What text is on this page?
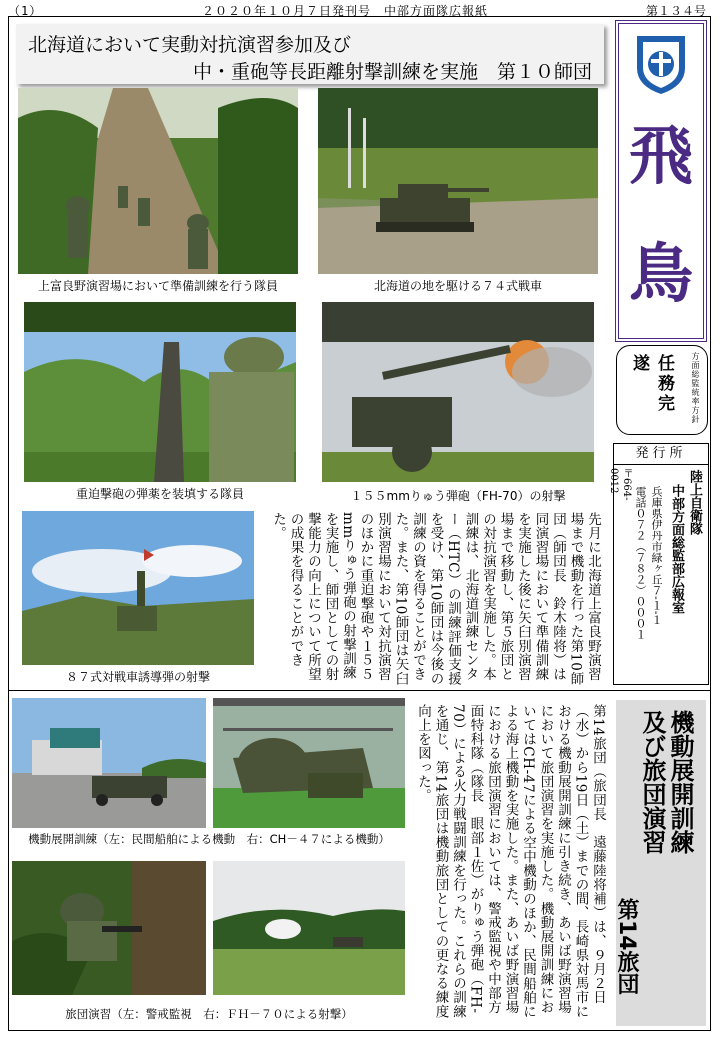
（1）	２０２０年１０月７日発刊号　中部方面隊広報紙	第１３４号
北海道において実動対抗演習参加及び
中・重砲等長距離射撃訓練を実施　第１０師団
上富良野演習場において準備訓練を行う隊員	北海道の地を駆ける７４式戦車
重迫撃砲の弾薬を装填する隊員	１５５mmりゅう弾砲（FH-70）の射撃
８７式対戦車誘導弾の射撃	先月に北海道上富良野演習場まで機動を行った第10師団（師団長　鈴木陸将）は同演習場において準備訓練を実施した後に矢臼別演習場まで移動し、第５旅団との対抗演習を実施した。本訓練は、北海道訓練センター（HTC）の訓練評価支援を受け、第10師団は今後の訓練の資を得ることができた。また、第10師団は矢臼別演習場において対抗演習のほかに重迫撃砲や１５５mmりゅう弾砲の射撃訓練を実施し、師団としての射撃能力の向上について所望の成果を得ることができた。
飛
鳥
方面総監統率方針
任務完遂
発行所
陸上自衛隊
中部方面総監部広報室
兵庫県伊丹市緑ヶ丘７-１-１
電話０７２（７８２）０００１
〒664-0012
機動展開訓練
及び旅団演習
第14旅団
第14旅団（旅団長　遠藤陸将補）は、９月２日（水）から19日（土）までの間、長崎県対馬市における機動展開訓練に引き続き、あいば野演習場において旅団演習を実施した。機動展開訓練においてはCH-47による空中機動のほか、民間船舶による海上機動を実施した。また、あいば野演習場における旅団演習においては、警戒監視や中部方面特科隊（隊長　眼部１佐）がりゅう弾砲（FH-70）による火力戦闘訓練を行った。これらの訓練を通じ、第14旅団は機動旅団としての更なる練度向上を図った。
機動展開訓練（左：民間船舶による機動　右：CH－４７による機動）
旅団演習（左：警戒監視　右：ＦＨ－７０による射撃）
